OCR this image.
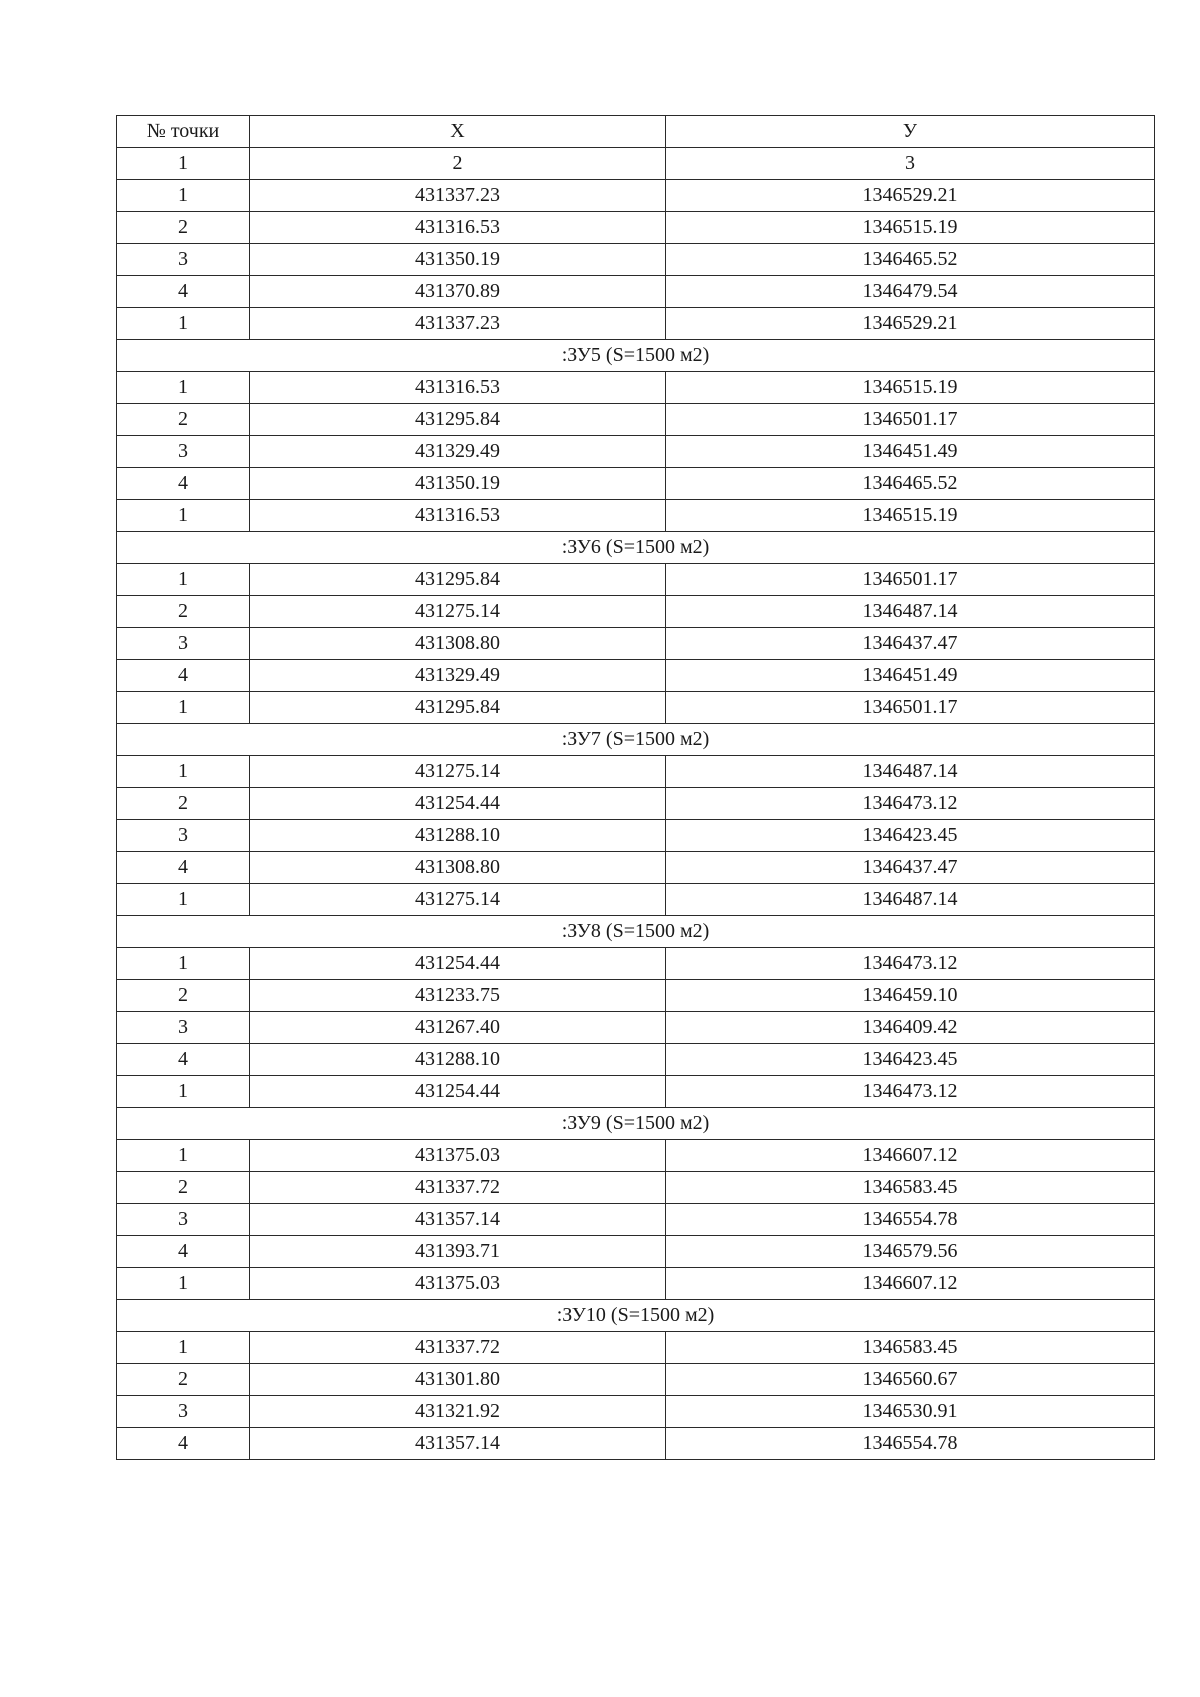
№ точки	Х	У
1	2	3
1	431337.23	1346529.21
2	431316.53	1346515.19
3	431350.19	1346465.52
4	431370.89	1346479.54
1	431337.23	1346529.21
:ЗУ5 (S=1500 м2)		
1	431316.53	1346515.19
2	431295.84	1346501.17
3	431329.49	1346451.49
4	431350.19	1346465.52
1	431316.53	1346515.19
:ЗУ6 (S=1500 м2)		
1	431295.84	1346501.17
2	431275.14	1346487.14
3	431308.80	1346437.47
4	431329.49	1346451.49
1	431295.84	1346501.17
:ЗУ7 (S=1500 м2)		
1	431275.14	1346487.14
2	431254.44	1346473.12
3	431288.10	1346423.45
4	431308.80	1346437.47
1	431275.14	1346487.14
:ЗУ8 (S=1500 м2)		
1	431254.44	1346473.12
2	431233.75	1346459.10
3	431267.40	1346409.42
4	431288.10	1346423.45
1	431254.44	1346473.12
:ЗУ9 (S=1500 м2)		
1	431375.03	1346607.12
2	431337.72	1346583.45
3	431357.14	1346554.78
4	431393.71	1346579.56
1	431375.03	1346607.12
:ЗУ10 (S=1500 м2)		
1	431337.72	1346583.45
2	431301.80	1346560.67
3	431321.92	1346530.91
4	431357.14	1346554.78
